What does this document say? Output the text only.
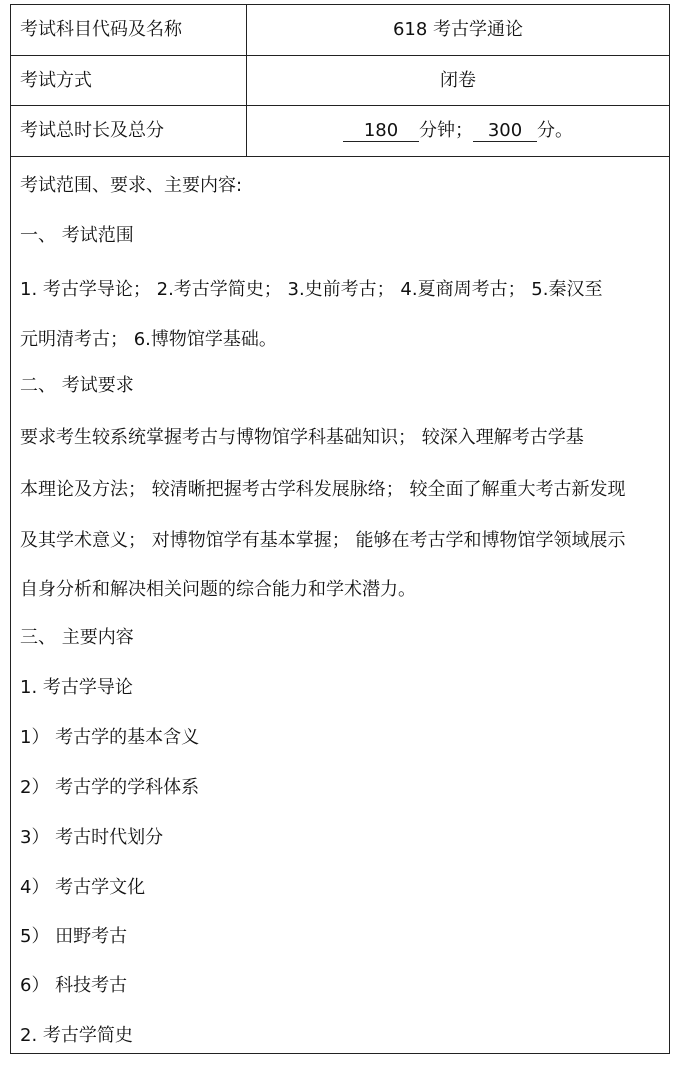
考试科目代码及名称	618 考古学通论
考试方式	闭卷
考试总时长及总分	180 分钟； 300 分。
考试范围、要求、主要内容:
一、 考试范围
1. 考古学导论； 2.考古学简史； 3.史前考古； 4.夏商周考古； 5.秦汉至
元明清考古； 6.博物馆学基础。
二、 考试要求
要求考生较系统掌握考古与博物馆学科基础知识； 较深入理解考古学基
本理论及方法； 较清晰把握考古学科发展脉络； 较全面了解重大考古新发现
及其学术意义； 对博物馆学有基本掌握； 能够在考古学和博物馆学领域展示
自身分析和解决相关问题的综合能力和学术潜力。
三、 主要内容
1. 考古学导论
1） 考古学的基本含义
2） 考古学的学科体系
3） 考古时代划分
4） 考古学文化
5） 田野考古
6） 科技考古
2. 考古学简史
